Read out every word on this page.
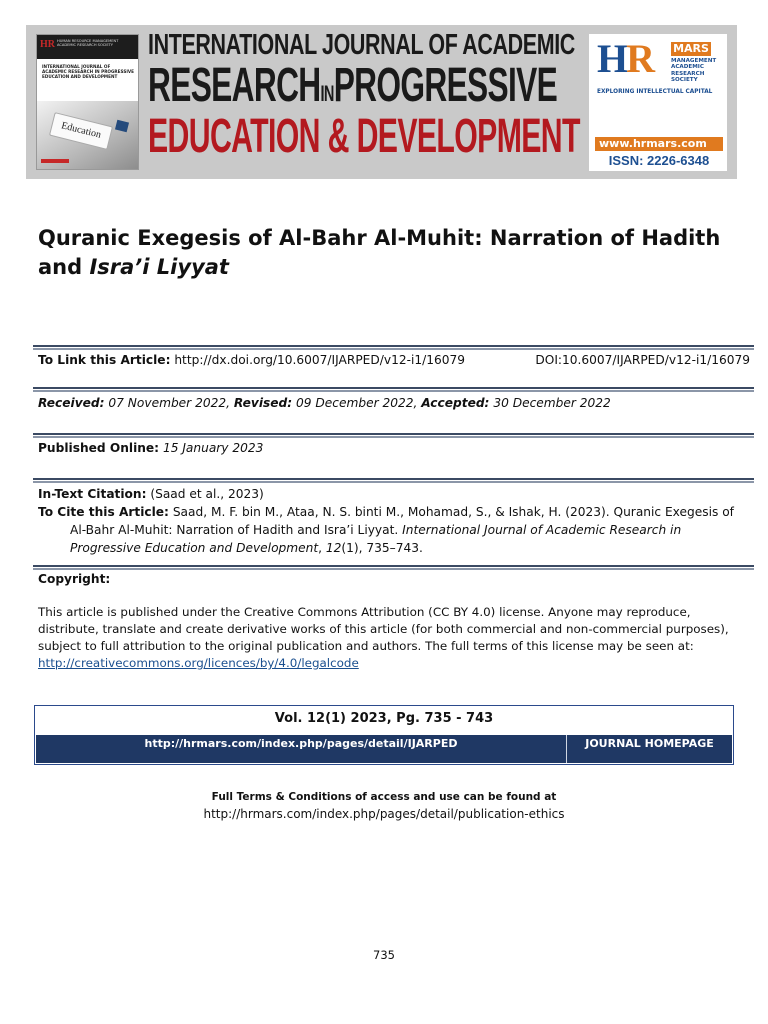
HR HUMAN RESOURCE MANAGEMENT ACADEMIC RESEARCH SOCIETY
INTERNATIONAL JOURNAL OF ACADEMIC RESEARCH IN PROGRESSIVE EDUCATION AND DEVELOPMENT
Education
INTERNATIONAL JOURNAL OF ACADEMIC
RESEARCHINPROGRESSIVE
EDUCATION & DEVELOPMENT
HR MARS
MANAGEMENT ACADEMIC RESEARCH SOCIETY
EXPLORING INTELLECTUAL CAPITAL
www.hrmars.com
ISSN: 2226-6348
Quranic Exegesis of Al-Bahr Al-Muhit: Narration of Hadith and Isra’i Liyyat
To Link this Article: http://dx.doi.org/10.6007/IJARPED/v12-i1/16079	DOI:10.6007/IJARPED/v12-i1/16079
Received: 07 November 2022, Revised: 09 December 2022, Accepted: 30 December 2022
Published Online: 15 January 2023
In-Text Citation: (Saad et al., 2023)
To Cite this Article: Saad, M. F. bin M., Ataa, N. S. binti M., Mohamad, S., & Ishak, H. (2023). Quranic Exegesis of Al-Bahr Al-Muhit: Narration of Hadith and Isra’i Liyyat. International Journal of Academic Research in Progressive Education and Development, 12(1), 735–743.
Copyright:
This article is published under the Creative Commons Attribution (CC BY 4.0) license. Anyone may reproduce, distribute, translate and create derivative works of this article (for both commercial and non-commercial purposes), subject to full attribution to the original publication and authors. The full terms of this license may be seen at: http://creativecommons.org/licences/by/4.0/legalcode
Vol. 12(1) 2023, Pg. 735 - 743
http://hrmars.com/index.php/pages/detail/IJARPED	JOURNAL HOMEPAGE
Full Terms & Conditions of access and use can be found at
http://hrmars.com/index.php/pages/detail/publication-ethics
735
